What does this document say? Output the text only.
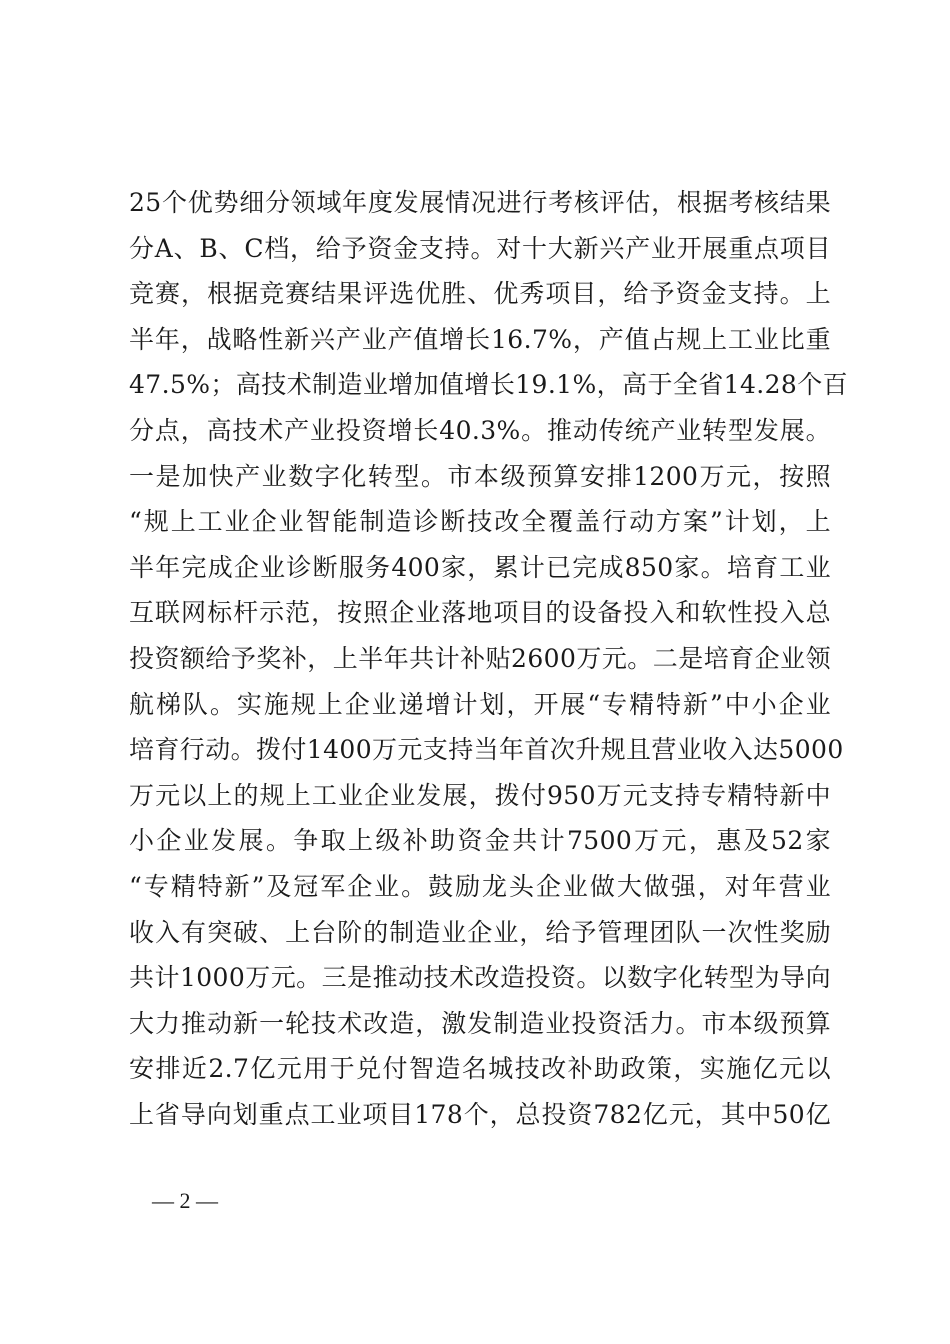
25个优势细分领域年度发展情况进行考核评估，根据考核结果
分A、B、C档，给予资金支持。对十大新兴产业开展重点项目
竞赛，根据竞赛结果评选优胜、优秀项目，给予资金支持。上
半年，战略性新兴产业产值增长16.7%，产值占规上工业比重
47.5%；高技术制造业增加值增长19.1%，高于全省14.28个百
分点，高技术产业投资增长40.3%。推动传统产业转型发展。
一是加快产业数字化转型。市本级预算安排1200万元，按照
“规上工业企业智能制造诊断技改全覆盖行动方案”计划，上
半年完成企业诊断服务400家，累计已完成850家。培育工业
互联网标杆示范，按照企业落地项目的设备投入和软性投入总
投资额给予奖补，上半年共计补贴2600万元。二是培育企业领
航梯队。实施规上企业递增计划，开展“专精特新”中小企业
培育行动。拨付1400万元支持当年首次升规且营业收入达5000
万元以上的规上工业企业发展，拨付950万元支持专精特新中
小企业发展。争取上级补助资金共计7500万元，惠及52家
“专精特新”及冠军企业。鼓励龙头企业做大做强，对年营业
收入有突破、上台阶的制造业企业，给予管理团队一次性奖励
共计1000万元。三是推动技术改造投资。以数字化转型为导向
大力推动新一轮技术改造，激发制造业投资活力。市本级预算
安排近2.7亿元用于兑付智造名城技改补助政策，实施亿元以
上省导向划重点工业项目178个，总投资782亿元，其中50亿
— 2 —
